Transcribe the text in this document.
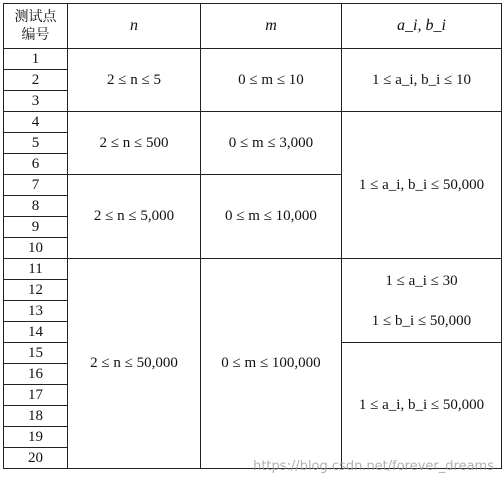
测试点
编号	n	m	a_i, b_i
1	2 ≤ n ≤ 5	0 ≤ m ≤ 10	1 ≤ a_i, b_i ≤ 10
2			
3			
4	2 ≤ n ≤ 500	0 ≤ m ≤ 3,000	1 ≤ a_i, b_i ≤ 50,000
5			
6			
7	2 ≤ n ≤ 5,000	0 ≤ m ≤ 10,000	
8			
9			
10			
11	2 ≤ n ≤ 50,000	0 ≤ m ≤ 100,000	1 ≤ a_i ≤ 30
1 ≤ b_i ≤ 50,000

12			
13			
14			
15			1 ≤ a_i, b_i ≤ 50,000
16			
17			
18			
19			
20			
https://blog.csdn.net/forever_dreams
